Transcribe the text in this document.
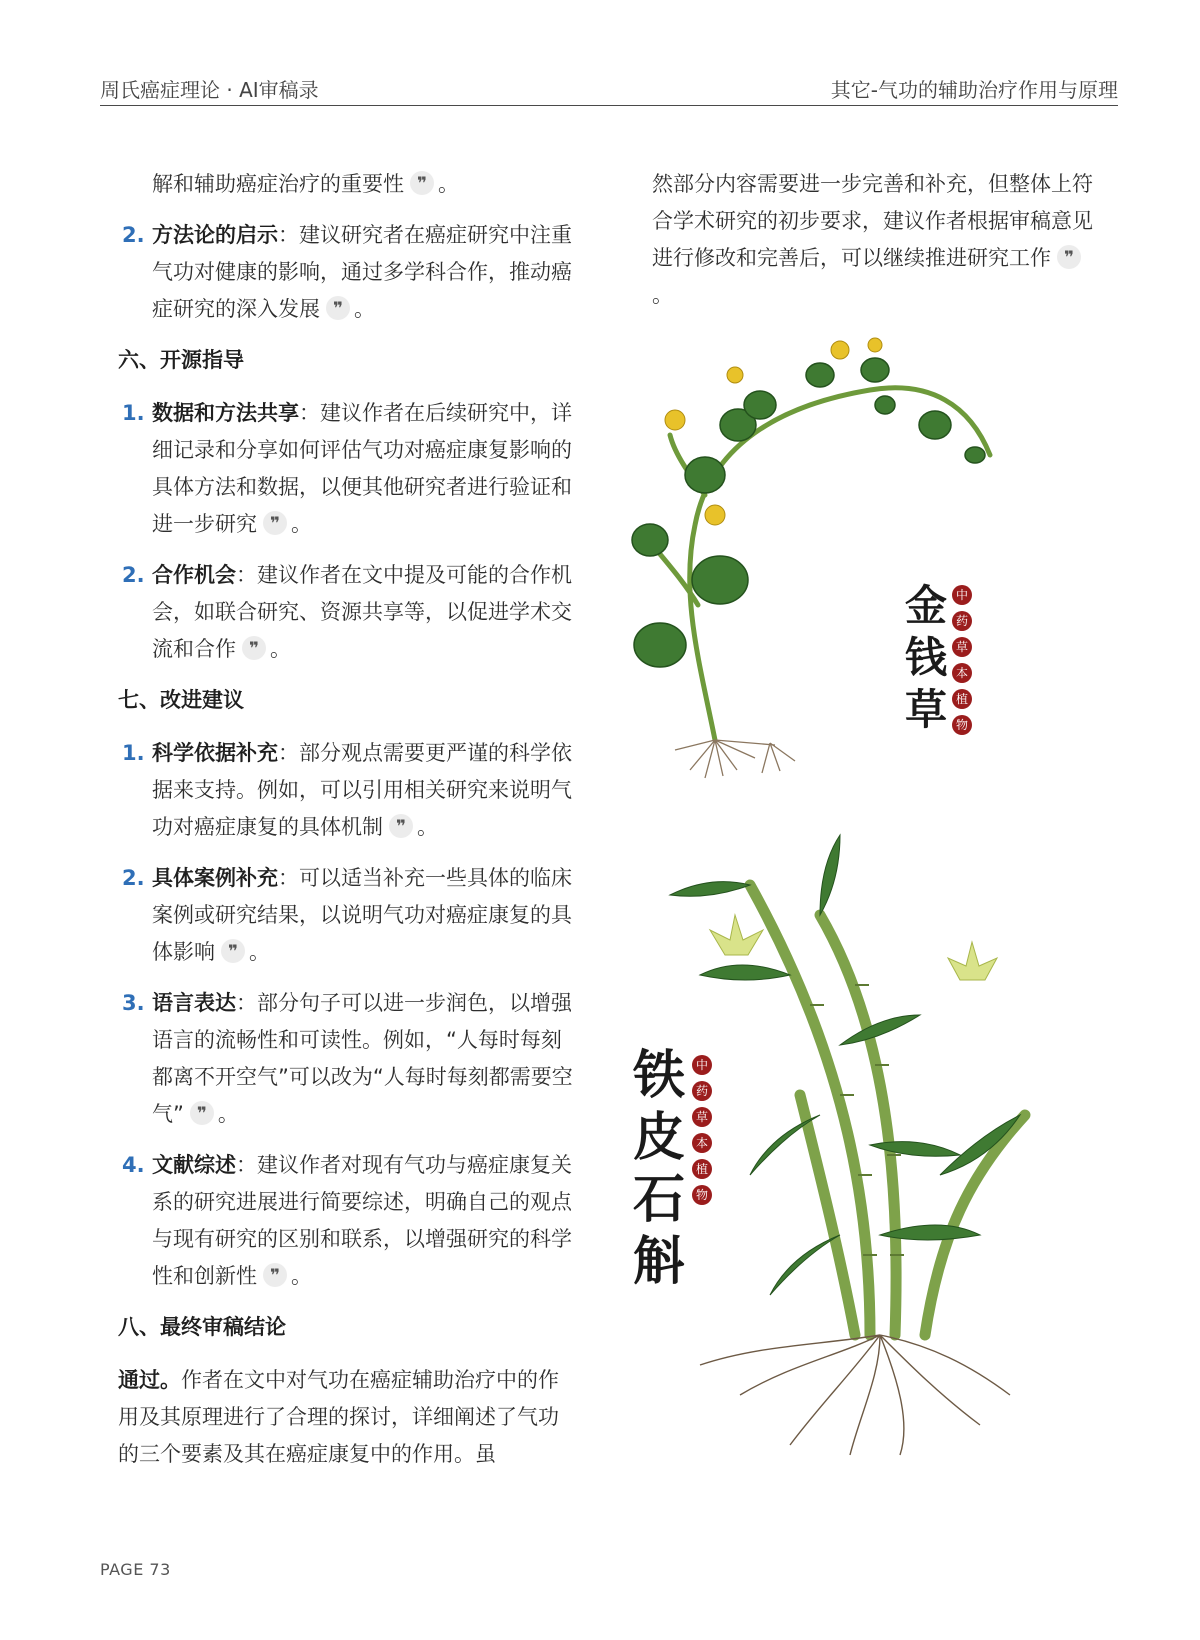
周氏癌症理论 · AI审稿录	其它-气功的辅助治疗作用与原理
解和辅助癌症治疗的重要性 ❞ 。
2. 方法论的启示：建议研究者在癌症研究中注重气功对健康的影响，通过多学科合作，推动癌症研究的深入发展 ❞ 。
六、开源指导
1. 数据和方法共享：建议作者在后续研究中，详细记录和分享如何评估气功对癌症康复影响的具体方法和数据，以便其他研究者进行验证和进一步研究 ❞ 。
2. 合作机会：建议作者在文中提及可能的合作机会，如联合研究、资源共享等，以促进学术交流和合作 ❞ 。
七、改进建议
1. 科学依据补充：部分观点需要更严谨的科学依据来支持。例如，可以引用相关研究来说明气功对癌症康复的具体机制 ❞ 。
2. 具体案例补充：可以适当补充一些具体的临床案例或研究结果，以说明气功对癌症康复的具体影响 ❞ 。
3. 语言表达：部分句子可以进一步润色，以增强语言的流畅性和可读性。例如，“人每时每刻都离不开空气”可以改为“人每时每刻都需要空气” ❞ 。
4. 文献综述：建议作者对现有气功与癌症康复关系的研究进展进行简要综述，明确自己的观点与现有研究的区别和联系，以增强研究的科学性和创新性 ❞ 。
八、最终审稿结论
通过。作者在文中对气功在癌症辅助治疗中的作用及其原理进行了合理的探讨，详细阐述了气功的三个要素及其在癌症康复中的作用。虽
然部分内容需要进一步完善和补充，但整体上符合学术研究的初步要求，建议作者根据审稿意见进行修改和完善后，可以继续推进研究工作 ❞。
金钱草
中
药
草
本
植
物
铁皮石斛
中
药
草
本
植
物
PAGE 73
